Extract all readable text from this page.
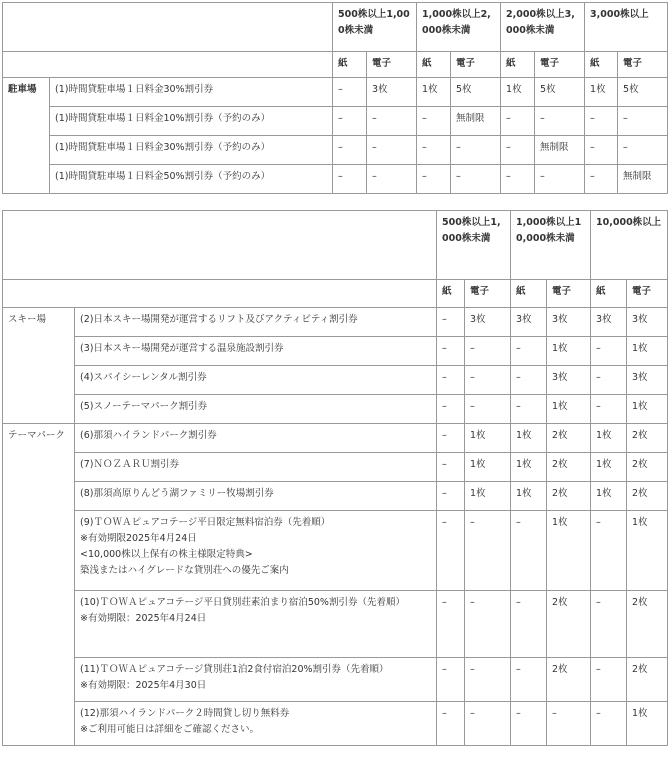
		500株以上1,000株未満		1,000株以上2,000株未満		2,000株以上3,000株未満		3,000株以上	
		紙	電子	紙	電子	紙	電子	紙	電子
駐車場	(1)時間貸駐車場１日料金30%割引券	–	3枚	1枚	5枚	1枚	5枚	1枚	5枚
	(1)時間貸駐車場１日料金10%割引券（予約のみ）	–	–	–	無制限	–	–	–	–
	(1)時間貸駐車場１日料金30%割引券（予約のみ）	–	–	–	–	–	無制限	–	–
	(1)時間貸駐車場１日料金50%割引券（予約のみ）	–	–	–	–	–	–	–	無制限
		500株以上1,000株未満		1,000株以上10,000株未満		10,000株以上	
		紙	電子	紙	電子	紙	電子
スキー場	(2)日本スキー場開発が運営するリフト及びアクティビティ割引券	–	3枚	3枚	3枚	3枚	3枚
	(3)日本スキー場開発が運営する温泉施設割引券	–	–	–	1枚	–	1枚
	(4)スパイシーレンタル割引券	–	–	–	3枚	–	3枚
	(5)スノーテーマパーク割引券	–	–	–	1枚	–	1枚
テーマパーク	(6)那須ハイランドパーク割引券	–	1枚	1枚	2枚	1枚	2枚
	(7)ＮＯＺＡＲＵ割引券	–	1枚	1枚	2枚	1枚	2枚
	(8)那須高原りんどう湖ファミリー牧場割引券	–	1枚	1枚	2枚	1枚	2枚

	(9)ＴＯＷＡピュアコテージ平日限定無料宿泊券（先着順）
※有効期限2025年4月24日
<10,000株以上保有の株主様限定特典>
築浅またはハイグレードな貸別荘への優先ご案内	–	–	–	1枚	–	1枚

	(10)ＴＯＷＡピュアコテージ平日貸別荘素泊まり宿泊50%割引券（先着順）
※有効期限：2025年4月24日	–	–	–	2枚	–	2枚

	(11)ＴＯＷＡピュアコテージ貸別荘1泊2食付宿泊20%割引券（先着順）
※有効期限：2025年4月30日	–	–	–	2枚	–	2枚

	(12)那須ハイランドパーク２時間貸し切り無料券
※ご利用可能日は詳細をご確認ください。	–	–	–	–	–	1枚
